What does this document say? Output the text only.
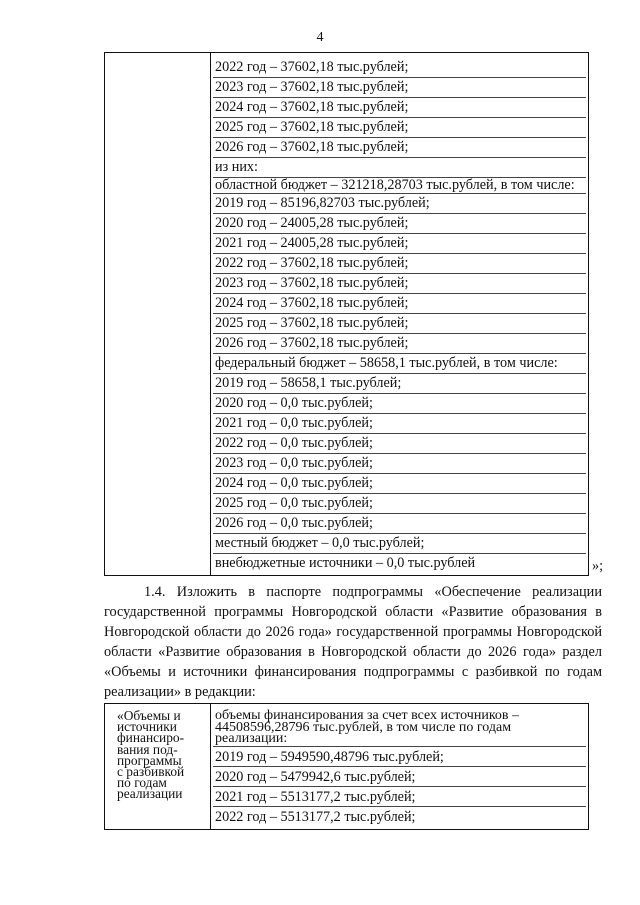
4

2022 год – 37602,18 тыс.рублей;
2023 год – 37602,18 тыс.рублей;
2024 год – 37602,18 тыс.рублей;
2025 год – 37602,18 тыс.рублей;
2026 год – 37602,18 тыс.рублей;
из них:
областной бюджет – 321218,28703 тыс.рублей, в том числе:
2019 год – 85196,82703 тыс.рублей;
2020 год – 24005,28 тыс.рублей;
2021 год – 24005,28 тыс.рублей;
2022 год – 37602,18 тыс.рублей;
2023 год – 37602,18 тыс.рублей;
2024 год – 37602,18 тыс.рублей;
2025 год – 37602,18 тыс.рублей;
2026 год – 37602,18 тыс.рублей;
федеральный бюджет – 58658,1 тыс.рублей, в том числе:
2019 год – 58658,1 тыс.рублей;
2020 год – 0,0 тыс.рублей;
2021 год – 0,0 тыс.рублей;
2022 год – 0,0 тыс.рублей;
2023 год – 0,0 тыс.рублей;
2024 год – 0,0 тыс.рублей;
2025 год – 0,0 тыс.рублей;
2026 год – 0,0 тыс.рублей;
местный бюджет – 0,0 тыс.рублей;
внебюджетные источники – 0,0 тыс.рублей	»;

1.4. Изложить в паспорте подпрограммы «Обеспечение реализации государственной программы Новгородской области «Развитие образования в Новгородской области до 2026 года» государственной программы Новгородской области «Развитие образования в Новгородской области до 2026 года» раздел «Объемы и источники финансирования подпрограммы с разбивкой по годам реализации» в редакции:

«Объемы и
источники
финансиро-
вания под-
программы
с разбивкой
по годам
реализации

объемы финансирования за счет всех источников –
44508596,28796 тыс.рублей, в том числе по годам
реализации:
2019 год – 5949590,48796 тыс.рублей;
2020 год – 5479942,6 тыс.рублей;
2021 год – 5513177,2 тыс.рублей;
2022 год – 5513177,2 тыс.рублей;
